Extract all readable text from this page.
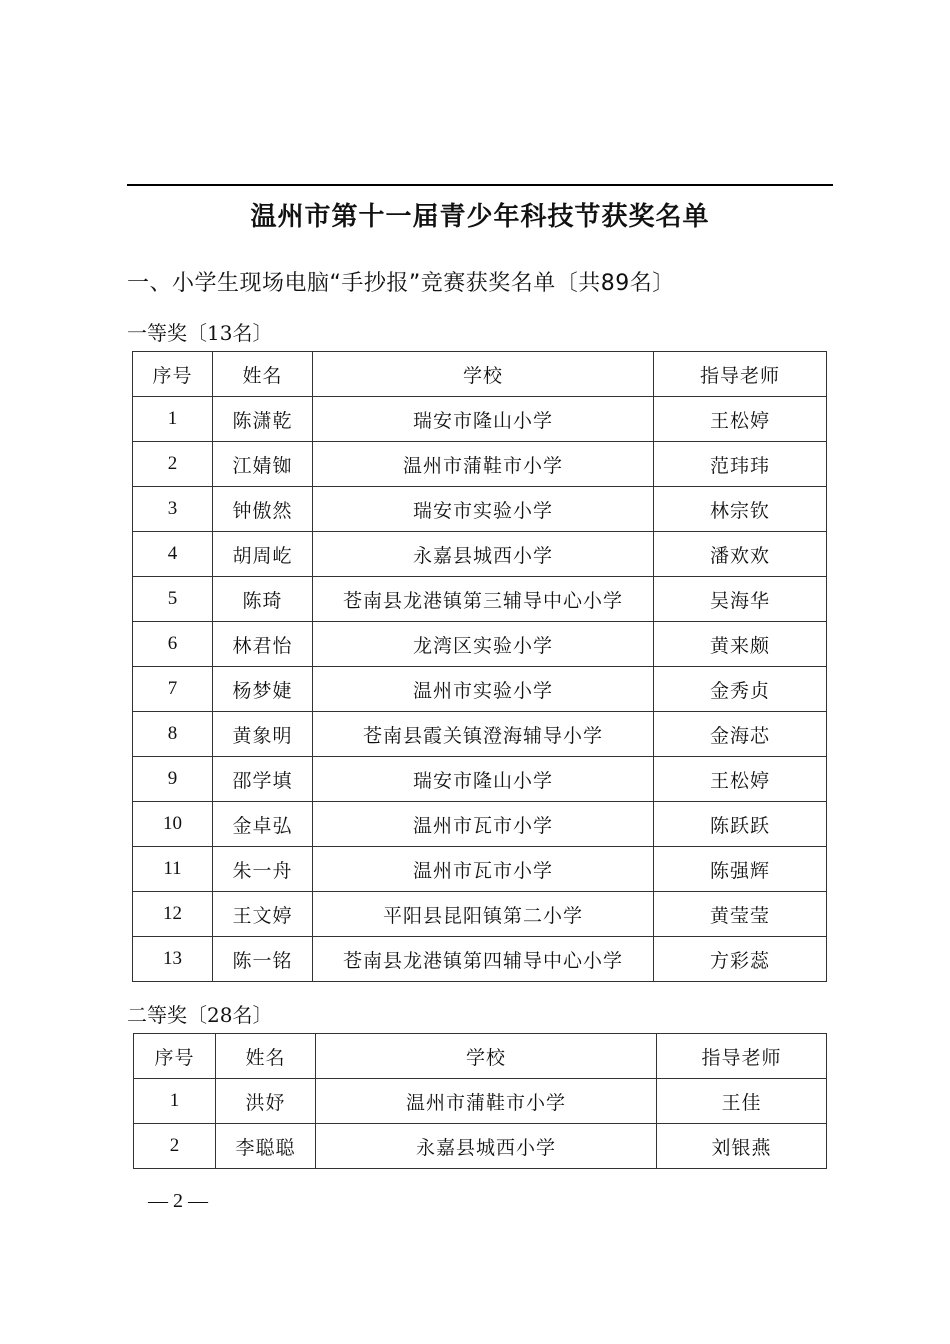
温州市第十一届青少年科技节获奖名单
一、小学生现场电脑“手抄报”竞赛获奖名单〔共89名〕
一等奖〔13名〕
序号	姓名	学校	指导老师
1	陈潇乾	瑞安市隆山小学	王松婷
2	江婧铷	温州市蒲鞋市小学	范玮玮
3	钟傲然	瑞安市实验小学	林宗钦
4	胡周屹	永嘉县城西小学	潘欢欢
5	陈琦	苍南县龙港镇第三辅导中心小学	吴海华
6	林君怡	龙湾区实验小学	黄来颇
7	杨梦婕	温州市实验小学	金秀贞
8	黄象明	苍南县霞关镇澄海辅导小学	金海芯
9	邵学填	瑞安市隆山小学	王松婷
10	金卓弘	温州市瓦市小学	陈跃跃
11	朱一舟	温州市瓦市小学	陈强辉
12	王文婷	平阳县昆阳镇第二小学	黄莹莹
13	陈一铭	苍南县龙港镇第四辅导中心小学	方彩蕊
二等奖〔28名〕
序号	姓名	学校	指导老师
1	洪妤	温州市蒲鞋市小学	王佳
2	李聪聪	永嘉县城西小学	刘银燕
— 2 —
